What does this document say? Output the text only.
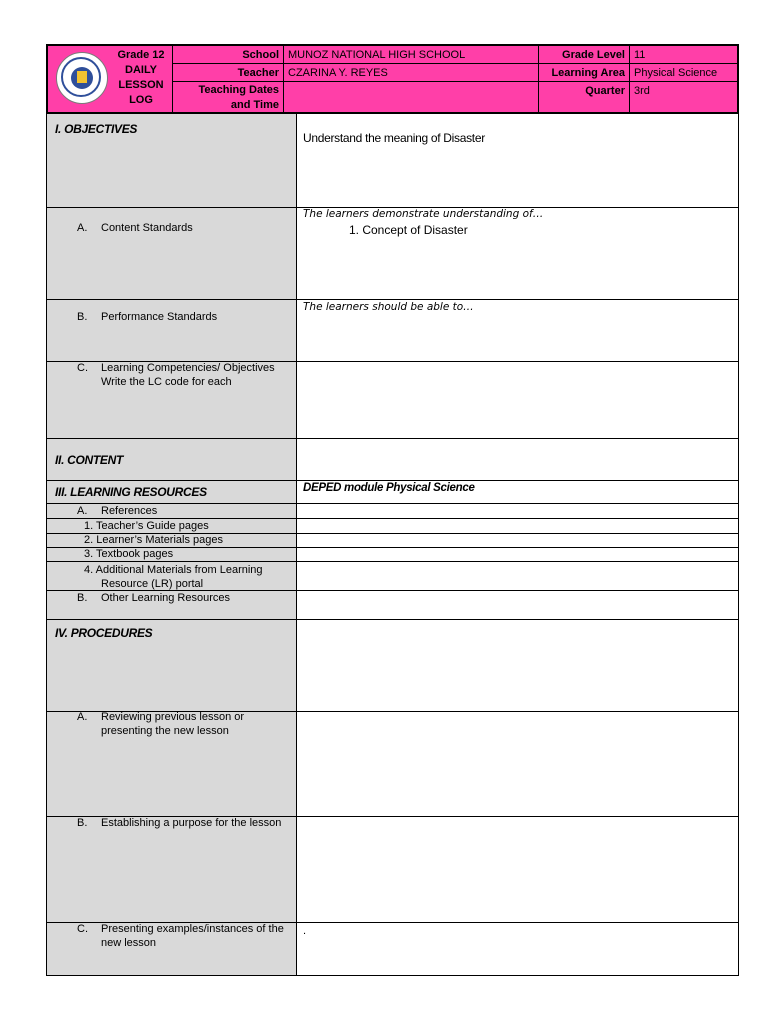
Grade 12
DAILY
LESSON
LOG
School
Teacher
Teaching Dates
and Time
MUNOZ NATIONAL HIGH SCHOOL
CZARINA Y. REYES
Grade Level
Learning Area
Quarter
11
Physical Science
3rd
I. OBJECTIVES
Understand the meaning of Disaster
A. Content Standards
The learners demonstrate understanding of…
1. Concept of Disaster
B. Performance Standards
The learners should be able to…
C. Learning Competencies/ Objectives
Write the LC code for each
II. CONTENT
III. LEARNING RESOURCES	DEPED module Physical Science
A. References
1. Teacher’s Guide pages
2. Learner’s Materials pages
3. Textbook pages
4. Additional Materials from Learning
Resource (LR) portal
B. Other Learning Resources
IV. PROCEDURES
A. Reviewing previous lesson or
presenting the new lesson
B. Establishing a purpose for the lesson
C. Presenting examples/instances of the
new lesson
.
